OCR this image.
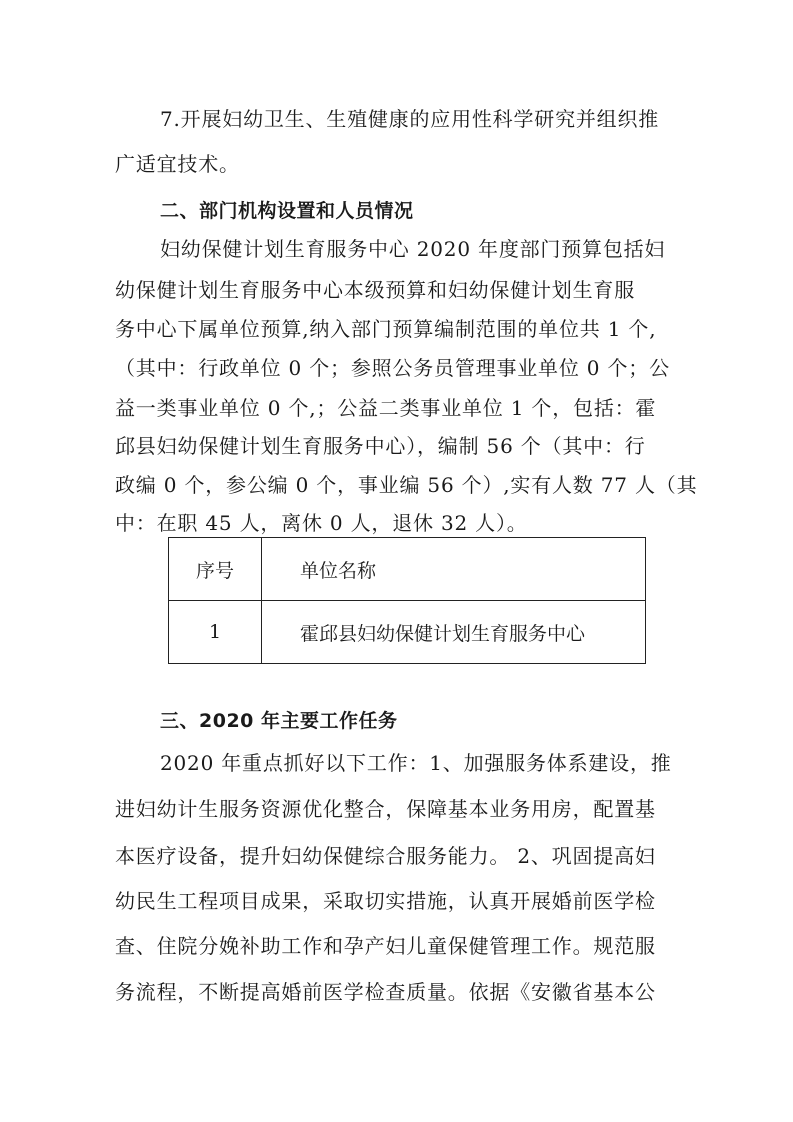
7.开展妇幼卫生、生殖健康的应用性科学研究并组织推
广适宜技术。
二、部门机构设置和人员情况
妇幼保健计划生育服务中心 2020 年度部门预算包括妇
幼保健计划生育服务中心本级预算和妇幼保健计划生育服
务中心下属单位预算,纳入部门预算编制范围的单位共 1 个,
（其中：行政单位 0 个；参照公务员管理事业单位 0 个；公
益一类事业单位 0 个,；公益二类事业单位 1 个，包括：霍
邱县妇幼保健计划生育服务中心），编制 56 个（其中：行
政编 0 个，参公编 0 个，事业编 56 个）,实有人数 77 人（其
中：在职 45 人，离休 0 人，退休 32 人）。
序号	单位名称
1	霍邱县妇幼保健计划生育服务中心
三、2020 年主要工作任务
2020 年重点抓好以下工作：1、加强服务体系建设，推
进妇幼计生服务资源优化整合，保障基本业务用房，配置基
本医疗设备，提升妇幼保健综合服务能力。 2、巩固提高妇
幼民生工程项目成果，采取切实措施，认真开展婚前医学检
查、住院分娩补助工作和孕产妇儿童保健管理工作。规范服
务流程，不断提高婚前医学检查质量。依据《安徽省基本公
